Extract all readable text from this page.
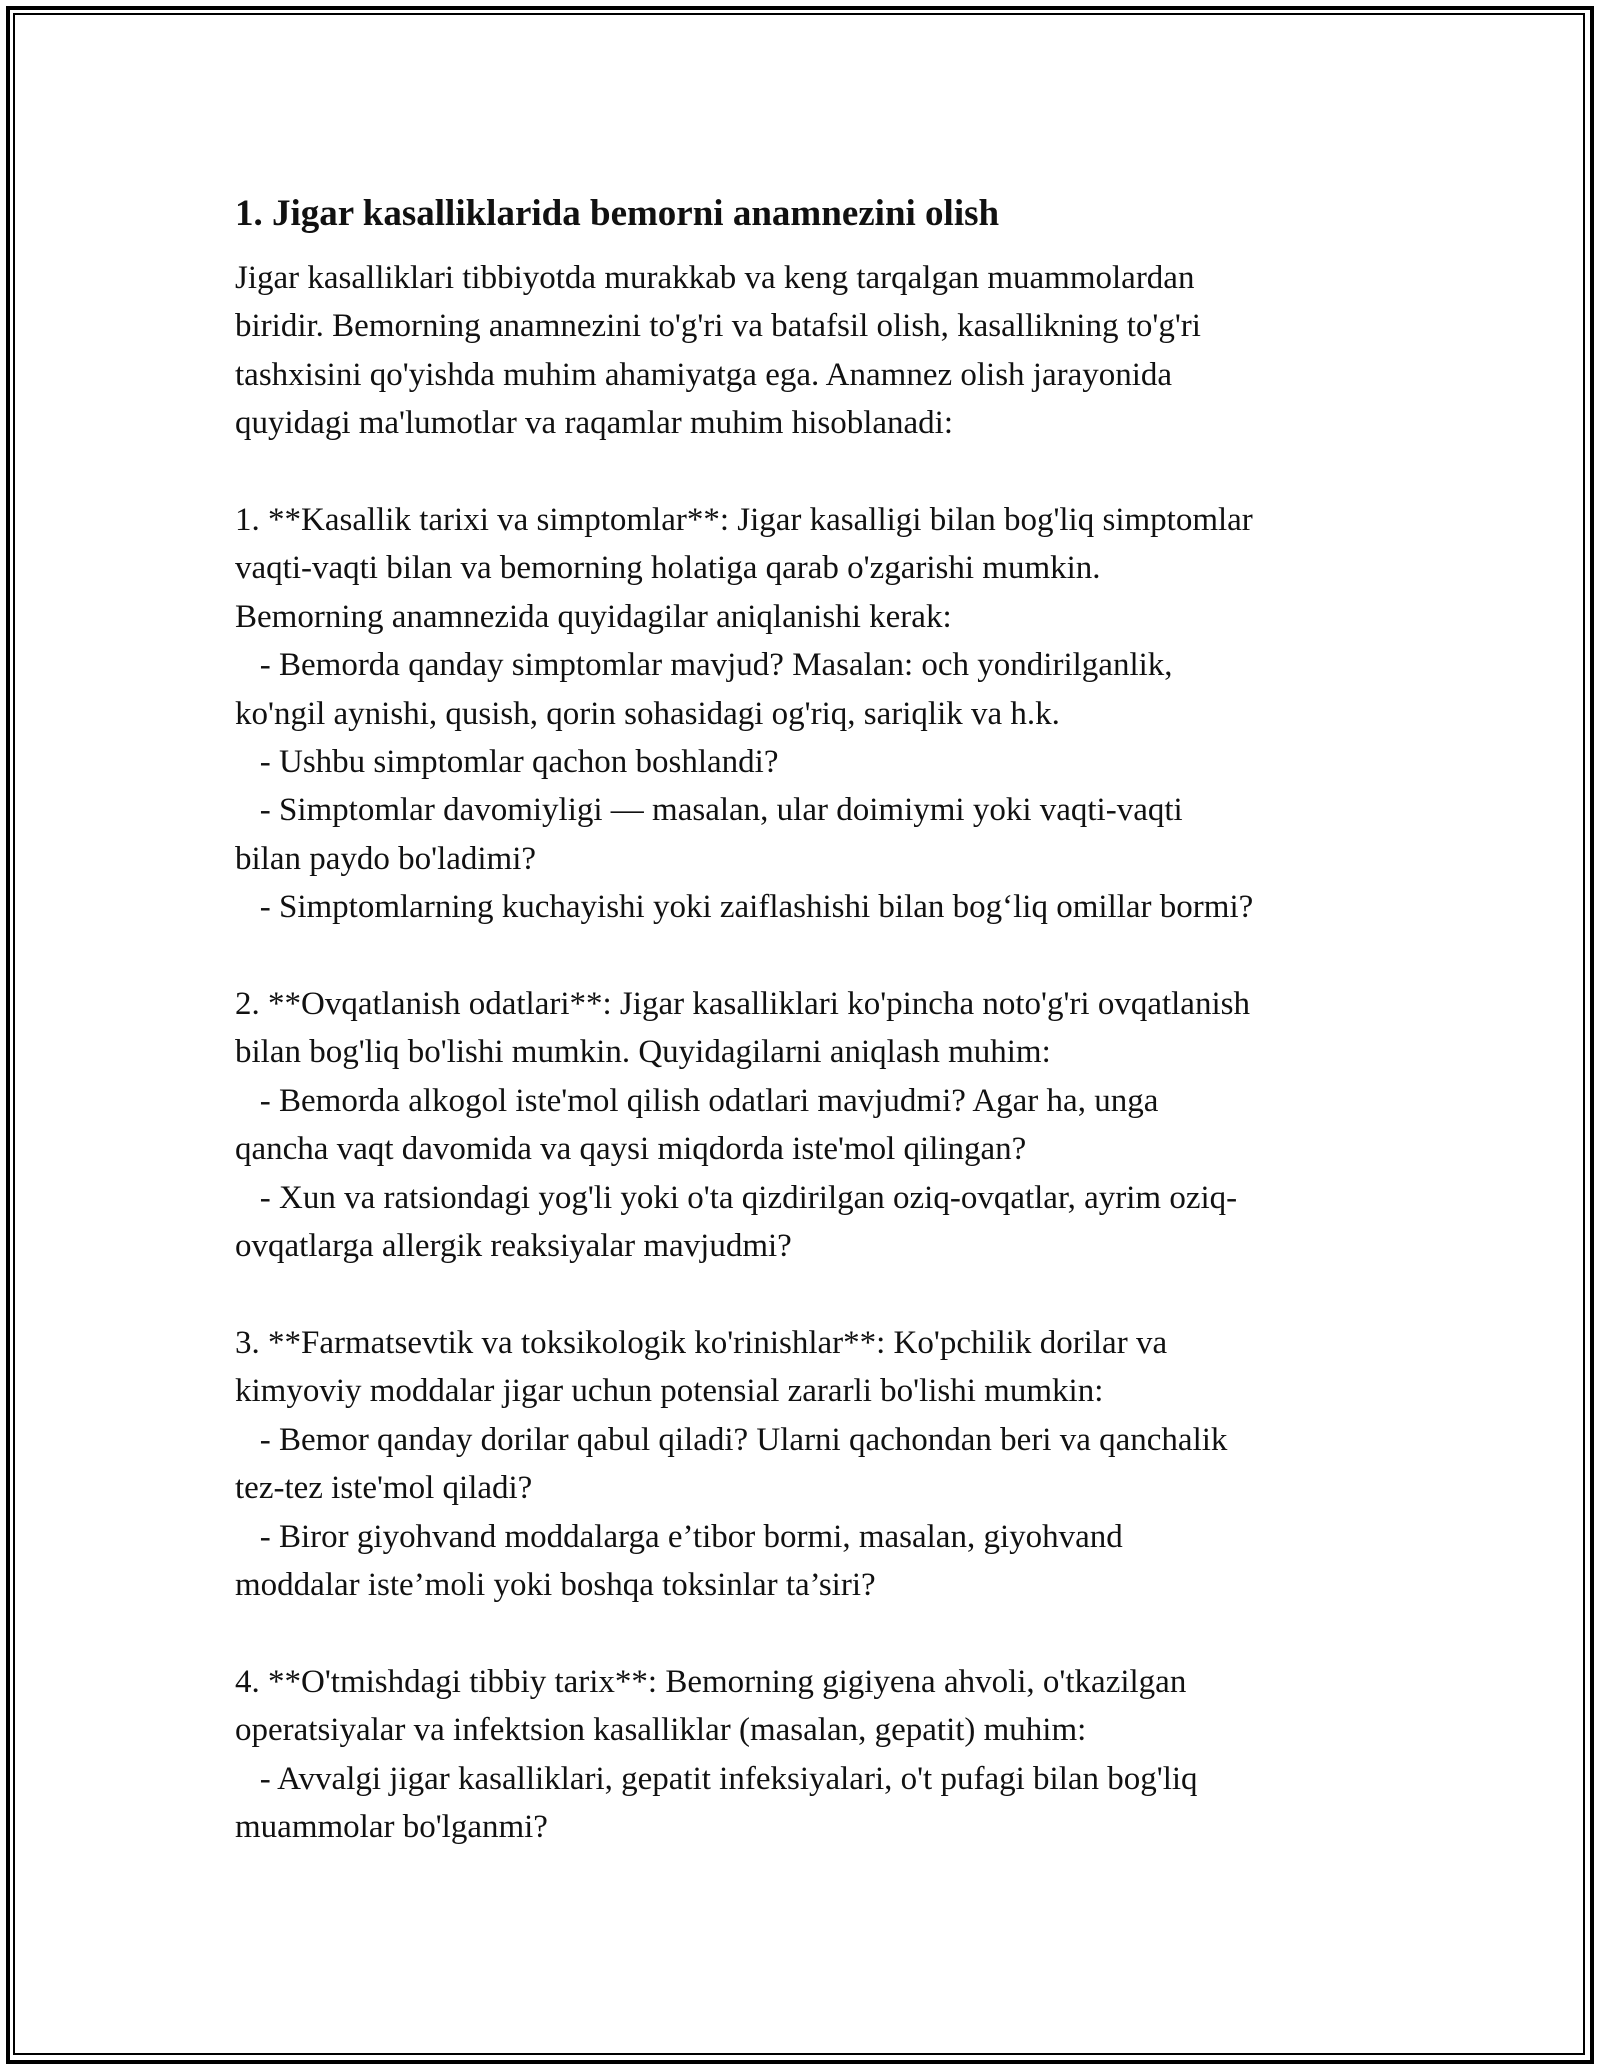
1. Jigar kasalliklarida bemorni anamnezini olish

Jigar kasalliklari tibbiyotda murakkab va keng tarqalgan muammolardan
biridir. Bemorning anamnezini to'g'ri va batafsil olish, kasallikning to'g'ri
tashxisini qo'yishda muhim ahamiyatga ega. Anamnez olish jarayonida
quyidagi ma'lumotlar va raqamlar muhim hisoblanadi:

1. **Kasallik tarixi va simptomlar**: Jigar kasalligi bilan bog'liq simptomlar
vaqti-vaqti bilan va bemorning holatiga qarab o'zgarishi mumkin.
Bemorning anamnezida quyidagilar aniqlanishi kerak:
- Bemorda qanday simptomlar mavjud? Masalan: och yondirilganlik,
ko'ngil aynishi, qusish, qorin sohasidagi og'riq, sariqlik va h.k.
- Ushbu simptomlar qachon boshlandi?
- Simptomlar davomiyligi — masalan, ular doimiymi yoki vaqti-vaqti
bilan paydo bo'ladimi?
- Simptomlarning kuchayishi yoki zaiflashishi bilan bog‘liq omillar bormi?

2. **Ovqatlanish odatlari**: Jigar kasalliklari ko'pincha noto'g'ri ovqatlanish
bilan bog'liq bo'lishi mumkin. Quyidagilarni aniqlash muhim:
- Bemorda alkogol iste'mol qilish odatlari mavjudmi? Agar ha, unga
qancha vaqt davomida va qaysi miqdorda iste'mol qilingan?
- Xun va ratsiondagi yog'li yoki o'ta qizdirilgan oziq-ovqatlar, ayrim oziq-
ovqatlarga allergik reaksiyalar mavjudmi?

3. **Farmatsevtik va toksikologik ko'rinishlar**: Ko'pchilik dorilar va
kimyoviy moddalar jigar uchun potensial zararli bo'lishi mumkin:
- Bemor qanday dorilar qabul qiladi? Ularni qachondan beri va qanchalik
tez-tez iste'mol qiladi?
- Biror giyohvand moddalarga e’tibor bormi, masalan, giyohvand
moddalar iste’moli yoki boshqa toksinlar ta’siri?

4. **O'tmishdagi tibbiy tarix**: Bemorning gigiyena ahvoli, o'tkazilgan
operatsiyalar va infektsion kasalliklar (masalan, gepatit) muhim:
- Avvalgi jigar kasalliklari, gepatit infeksiyalari, o't pufagi bilan bog'liq
muammolar bo'lganmi?
